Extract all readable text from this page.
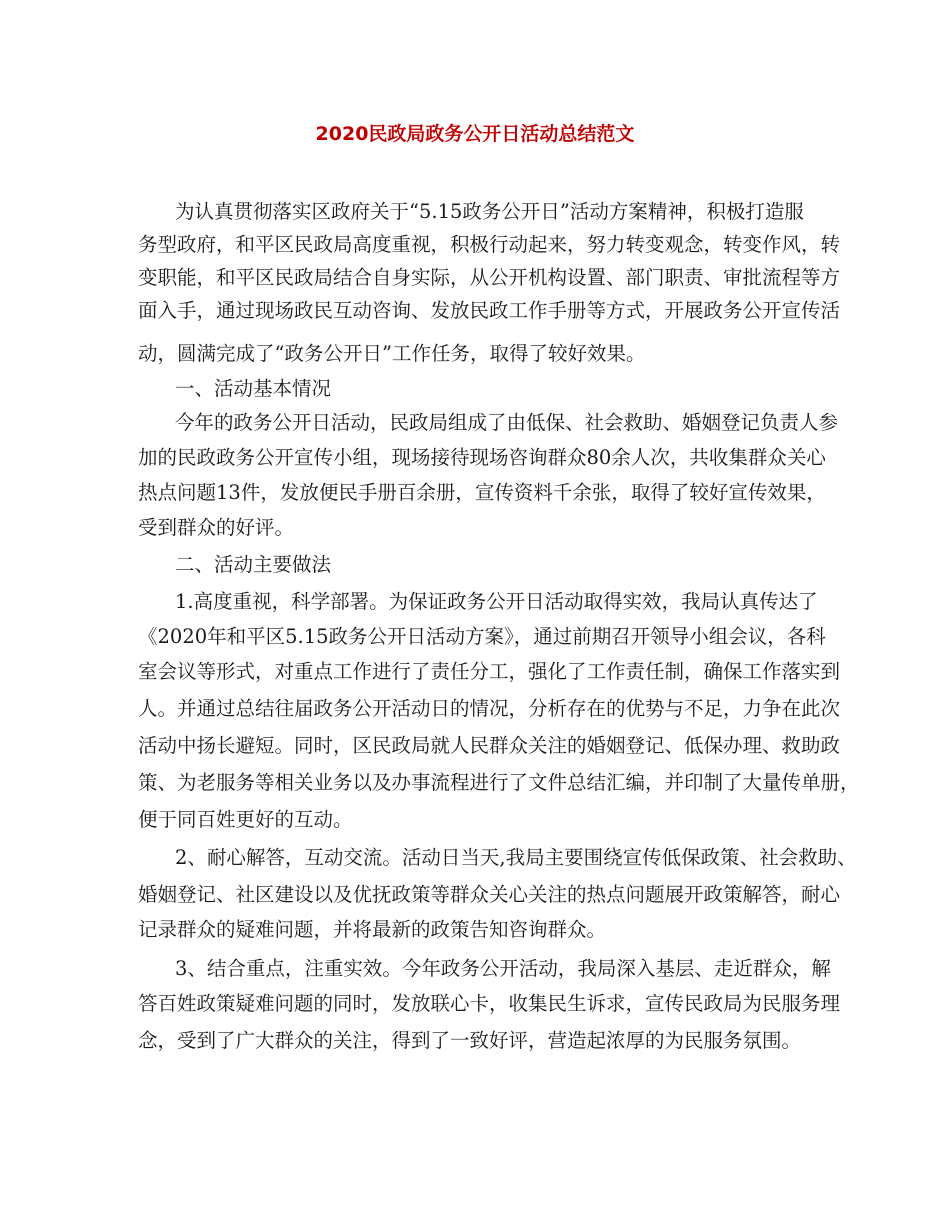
2020民政局政务公开日活动总结范文
为认真贯彻落实区政府关于“5.15政务公开日”活动方案精神，积极打造服
务型政府，和平区民政局高度重视，积极行动起来，努力转变观念，转变作风，转
变职能，和平区民政局结合自身实际，从公开机构设置、部门职责、审批流程等方
面入手，通过现场政民互动咨询、发放民政工作手册等方式，开展政务公开宣传活
动，圆满完成了“政务公开日”工作任务，取得了较好效果。
一、活动基本情况
今年的政务公开日活动，民政局组成了由低保、社会救助、婚姻登记负责人参
加的民政政务公开宣传小组，现场接待现场咨询群众80余人次，共收集群众关心
热点问题13件，发放便民手册百余册，宣传资料千余张，取得了较好宣传效果，
受到群众的好评。
二、活动主要做法
1.高度重视，科学部署。为保证政务公开日活动取得实效，我局认真传达了
《2020年和平区5.15政务公开日活动方案》，通过前期召开领导小组会议，各科
室会议等形式，对重点工作进行了责任分工，强化了工作责任制，确保工作落实到
人。并通过总结往届政务公开活动日的情况，分析存在的优势与不足，力争在此次
活动中扬长避短。同时，区民政局就人民群众关注的婚姻登记、低保办理、救助政
策、为老服务等相关业务以及办事流程进行了文件总结汇编，并印制了大量传单册，
便于同百姓更好的互动。
2、耐心解答，互动交流。活动日当天,我局主要围绕宣传低保政策、社会救助、
婚姻登记、社区建设以及优抚政策等群众关心关注的热点问题展开政策解答，耐心
记录群众的疑难问题，并将最新的政策告知咨询群众。
3、结合重点，注重实效。今年政务公开活动，我局深入基层、走近群众，解
答百姓政策疑难问题的同时，发放联心卡，收集民生诉求，宣传民政局为民服务理
念，受到了广大群众的关注，得到了一致好评，营造起浓厚的为民服务氛围。
